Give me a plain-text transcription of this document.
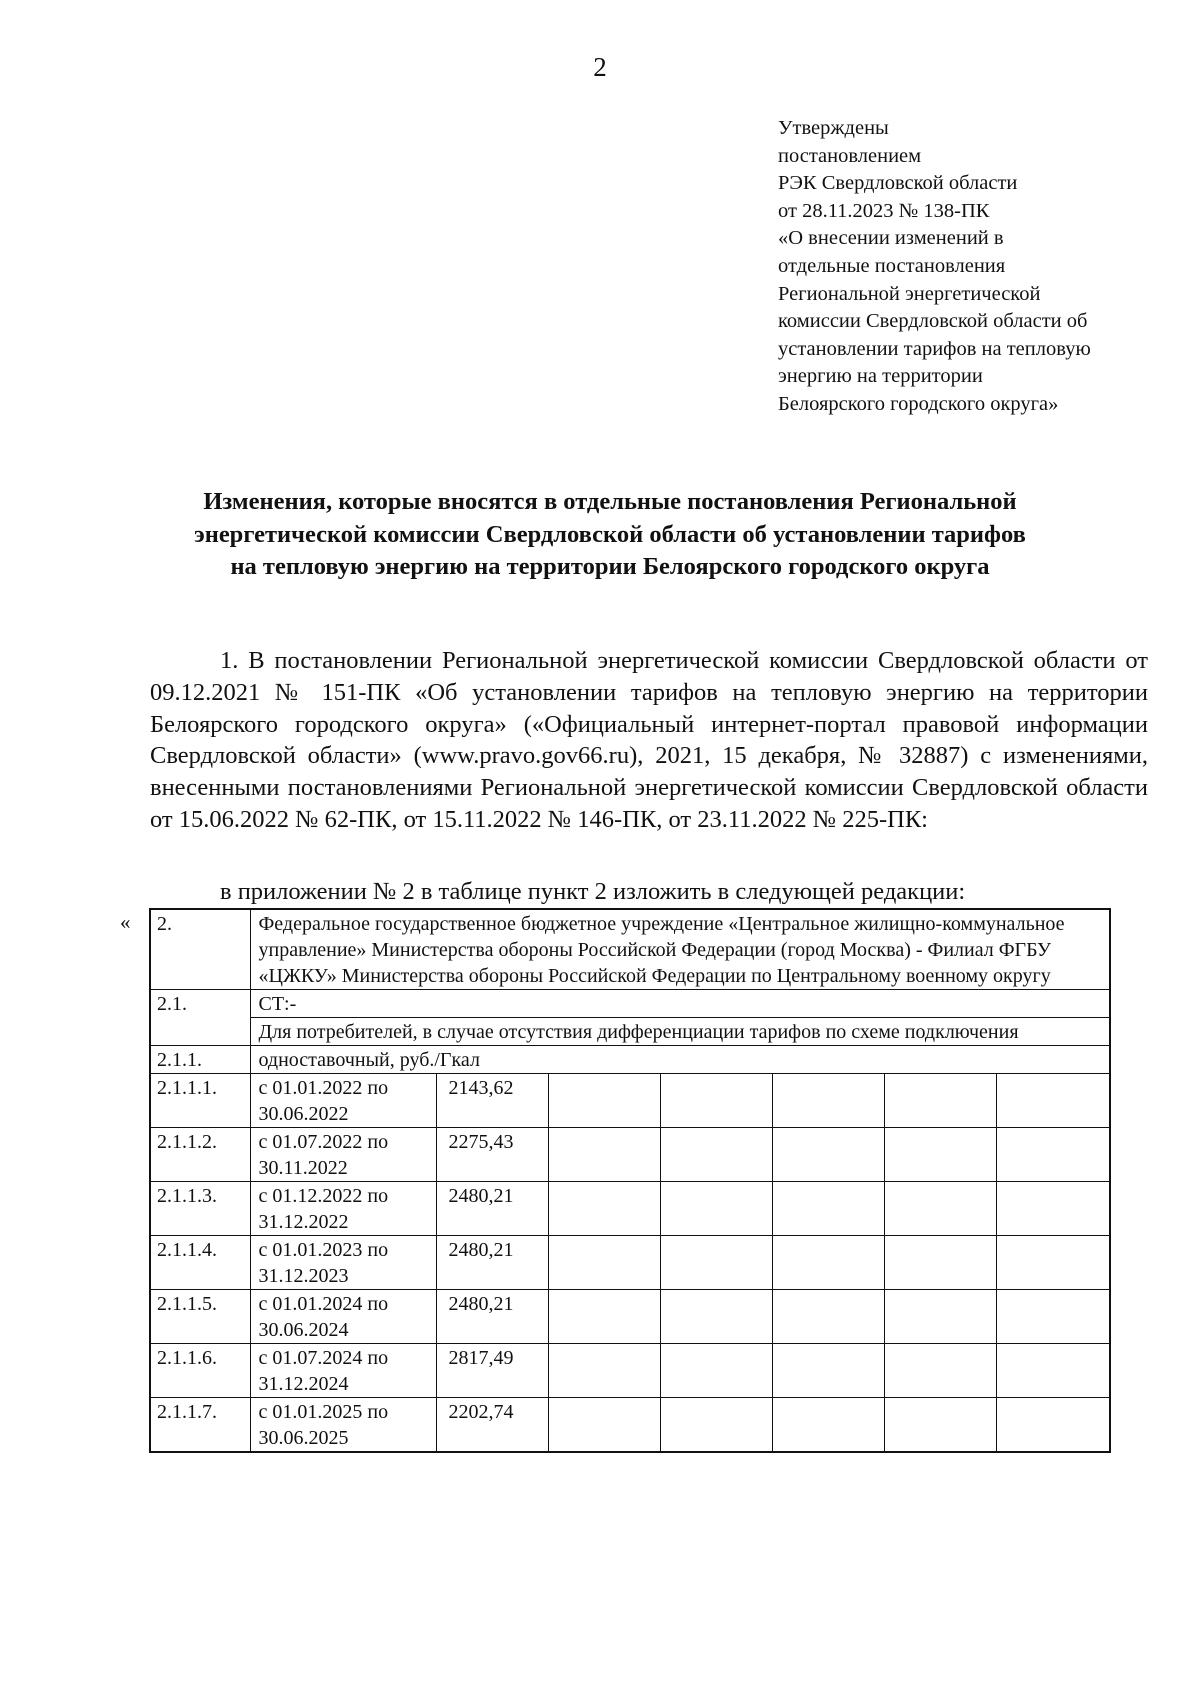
2
Утверждены
постановлением
РЭК Свердловской области
от 28.11.2023 № 138-ПК
«О внесении изменений в
отдельные постановления
Региональной энергетической
комиссии Свердловской области об
установлении тарифов на тепловую
энергию на территории
Белоярского городского округа»
Изменения, которые вносятся в отдельные постановления Региональной
энергетической комиссии Свердловской области об установлении тарифов
на тепловую энергию на территории Белоярского городского округа
1. В постановлении Региональной энергетической комиссии Свердловской области от 09.12.2021 № 151-ПК «Об установлении тарифов на тепловую энергию на территории Белоярского городского округа» («Официальный интернет-портал правовой информации Свердловской области» (www.pravo.gov66.ru), 2021, 15 декабря, № 32887) с изменениями, внесенными постановлениями Региональной энергетической комиссии Свердловской области от 15.06.2022 № 62-ПК, от 15.11.2022 № 146-ПК, от 23.11.2022 № 225-ПК:
в приложении № 2 в таблице пункт 2 изложить в следующей редакции:
« 2.	Федеральное государственное бюджетное учреждение «Центральное жилищно-коммунальное управление» Министерства обороны Российской Федерации (город Москва) - Филиал ФГБУ «ЦЖКУ» Министерства обороны Российской Федерации по Центральному военному округу						
2.1.	СТ:-						
	Для потребителей, в случае отсутствия дифференциации тарифов по схеме подключения						
2.1.1.	одноставочный, руб./Гкал						
2.1.1.1.	с 01.01.2022 по 30.06.2022	2143,62					
2.1.1.2.	с 01.07.2022 по 30.11.2022	2275,43					
2.1.1.3.	с 01.12.2022 по 31.12.2022	2480,21					
2.1.1.4.	с 01.01.2023 по 31.12.2023	2480,21					
2.1.1.5.	с 01.01.2024 по 30.06.2024	2480,21					
2.1.1.6.	с 01.07.2024 по 31.12.2024	2817,49					
2.1.1.7.	с 01.01.2025 по 30.06.2025	2202,74					
